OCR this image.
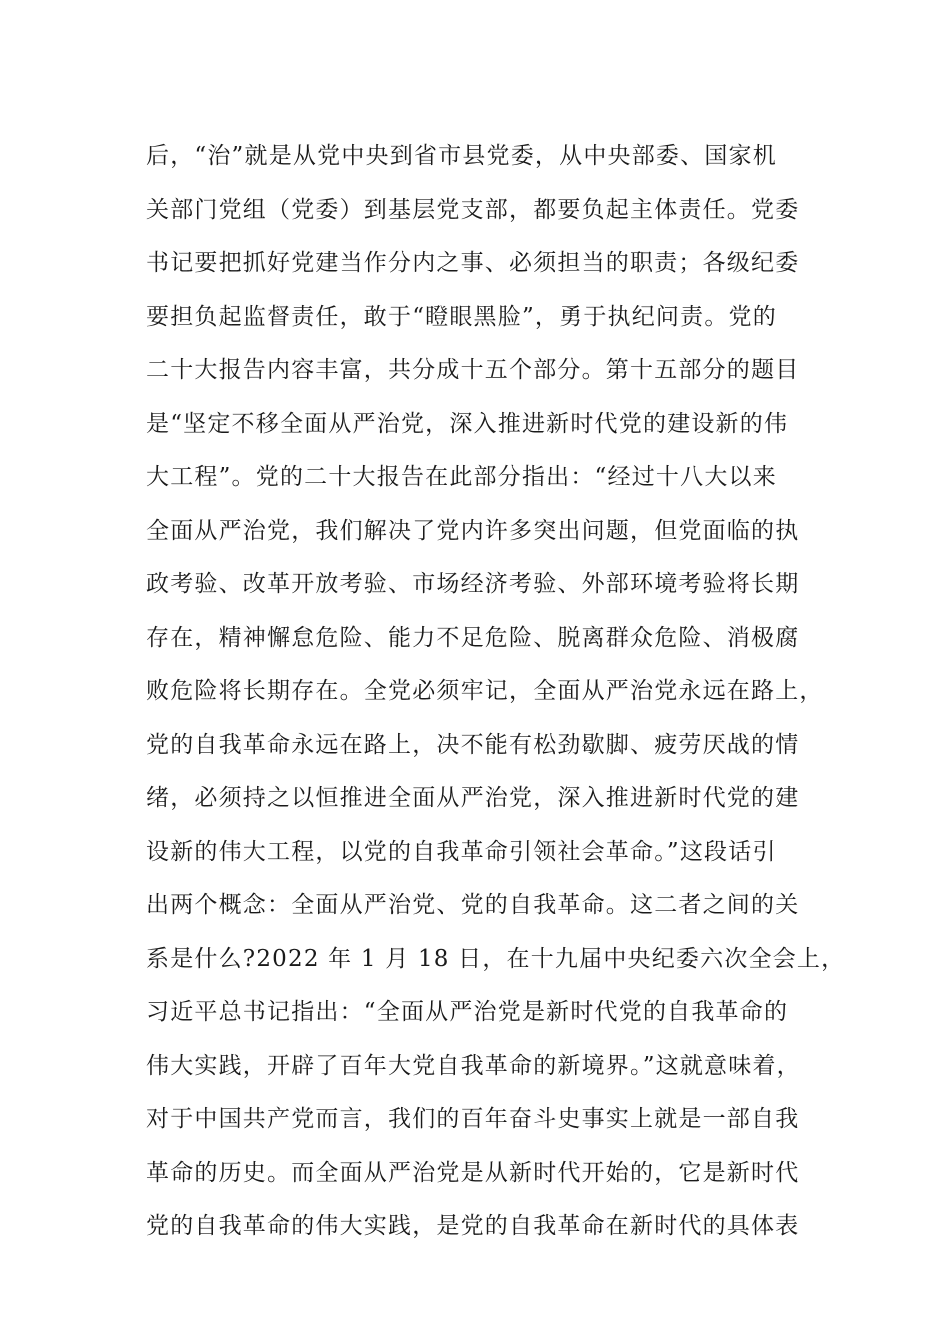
后，“治”就是从党中央到省市县党委，从中央部委、国家机
关部门党组（党委）到基层党支部，都要负起主体责任。党委
书记要把抓好党建当作分内之事、必须担当的职责；各级纪委
要担负起监督责任，敢于“瞪眼黑脸”，勇于执纪问责。党的
二十大报告内容丰富，共分成十五个部分。第十五部分的题目
是“坚定不移全面从严治党，深入推进新时代党的建设新的伟
大工程”。党的二十大报告在此部分指出：“经过十八大以来
全面从严治党，我们解决了党内许多突出问题，但党面临的执
政考验、改革开放考验、市场经济考验、外部环境考验将长期
存在，精神懈怠危险、能力不足危险、脱离群众危险、消极腐
败危险将长期存在。全党必须牢记，全面从严治党永远在路上，
党的自我革命永远在路上，决不能有松劲歇脚、疲劳厌战的情
绪，必须持之以恒推进全面从严治党，深入推进新时代党的建
设新的伟大工程，以党的自我革命引领社会革命。”这段话引
出两个概念：全面从严治党、党的自我革命。这二者之间的关
系是什么?2022 年 1 月 18 日，在十九届中央纪委六次全会上，
习近平总书记指出：“全面从严治党是新时代党的自我革命的
伟大实践，开辟了百年大党自我革命的新境界。”这就意味着，
对于中国共产党而言，我们的百年奋斗史事实上就是一部自我
革命的历史。而全面从严治党是从新时代开始的，它是新时代
党的自我革命的伟大实践，是党的自我革命在新时代的具体表
